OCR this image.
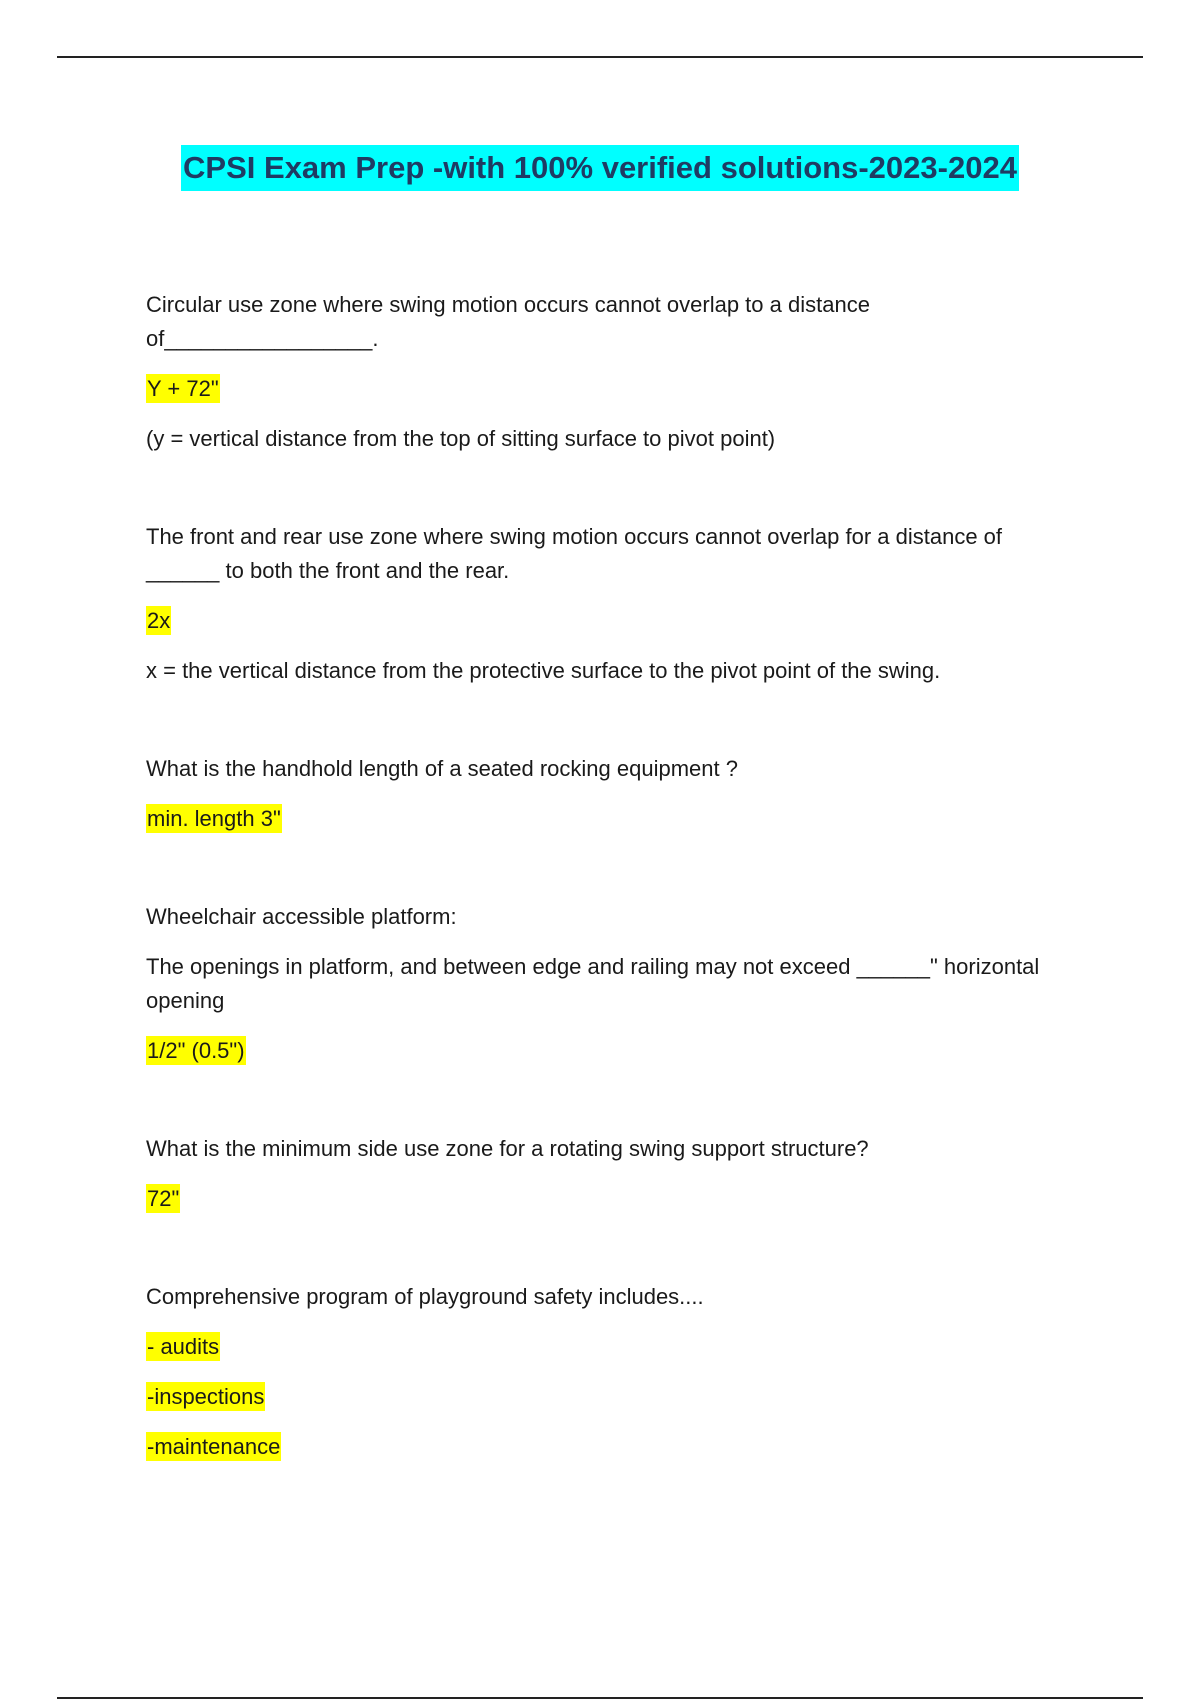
CPSI Exam Prep -with 100% verified solutions-2023-2024

Circular use zone where swing motion occurs cannot overlap to a distance of_________________.

Y + 72"

(y = vertical distance from the top of sitting surface to pivot point)

The front and rear use zone where swing motion occurs cannot overlap for a distance of ______ to both the front and the rear.

2x

x = the vertical distance from the protective surface to the pivot point of the swing.

What is the handhold length of a seated rocking equipment ?

min. length 3"

Wheelchair accessible platform:

The openings in platform, and between edge and railing may not exceed ______" horizontal opening

1/2" (0.5")

What is the minimum side use zone for a rotating swing support structure?

72"

Comprehensive program of playground safety includes....

- audits

-inspections

-maintenance
